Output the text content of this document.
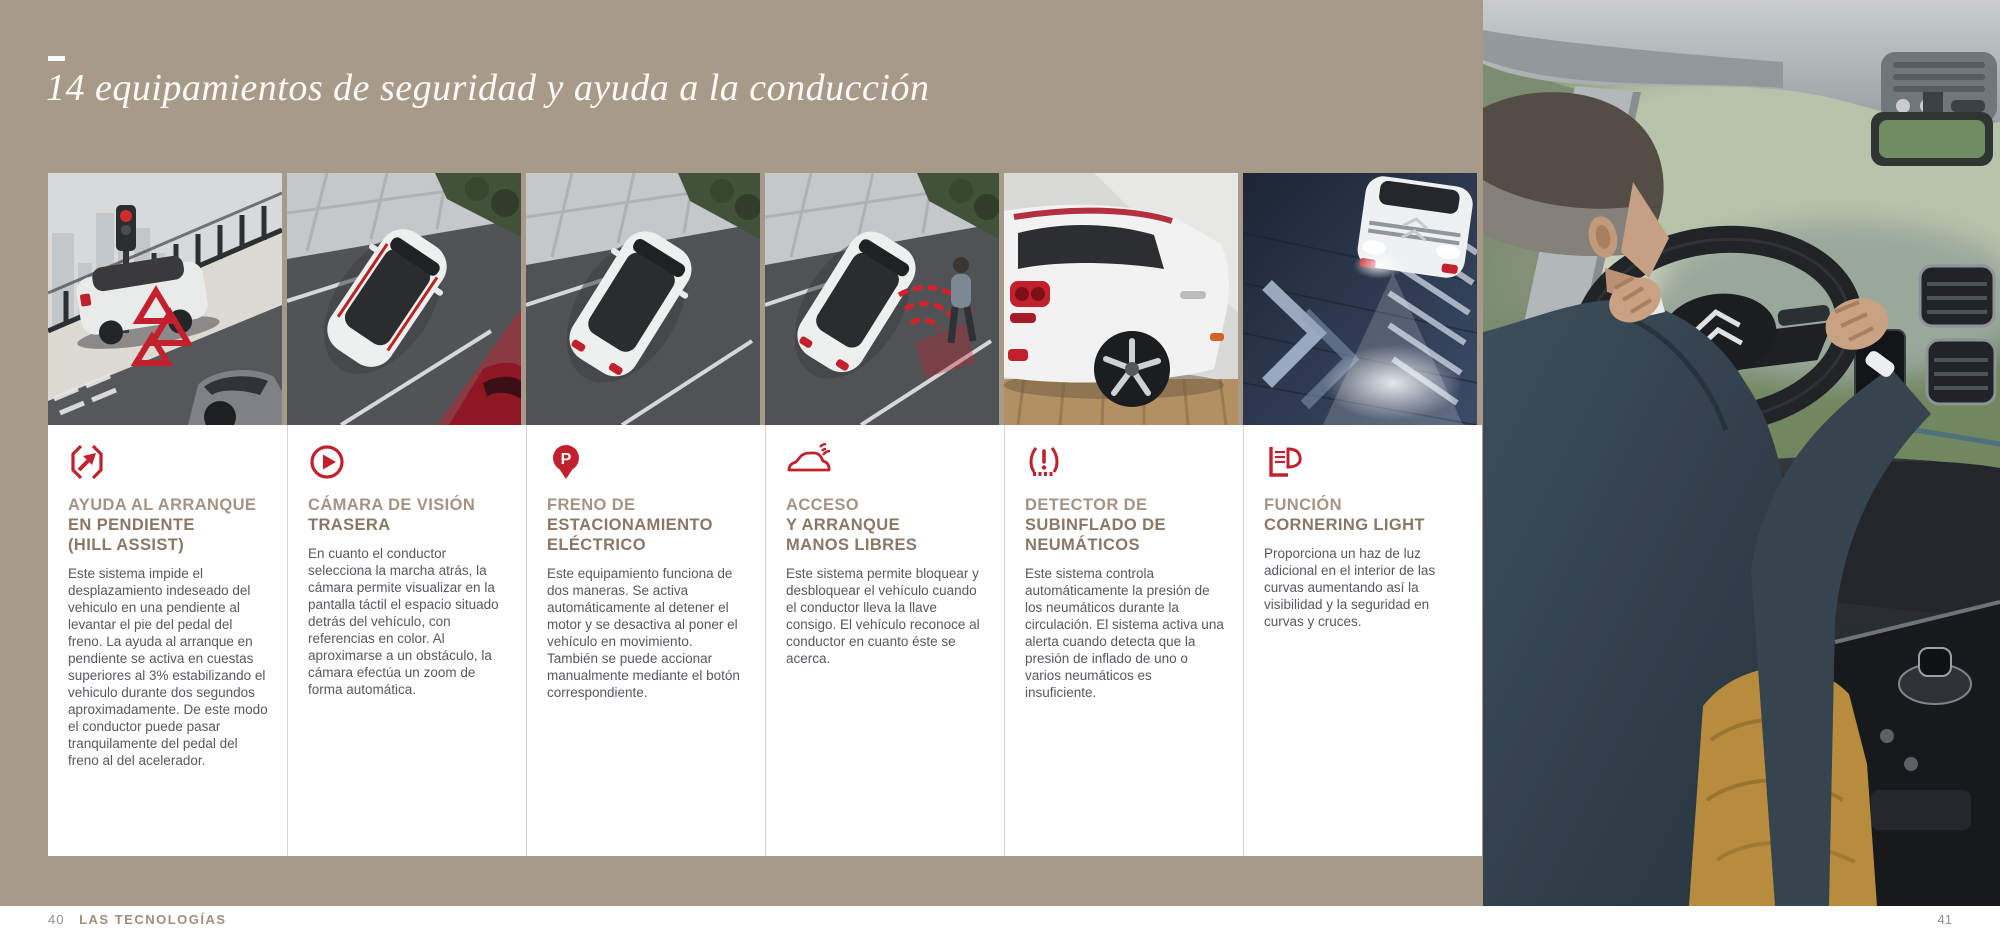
14 equipamientos de seguridad y ayuda a la conducción
AYUDA AL ARRANQUE
EN PENDIENTE
(HILL ASSIST)

Este sistema impide el desplazamiento indeseado del vehiculo en una pendiente al levantar el pie del pedal del freno. La ayuda al arranque en pendiente se activa en cuestas superiores al 3% estabilizando el vehiculo durante dos segundos aproximadamente. De este modo el conductor puede pasar tranquilamente del pedal del freno al del acelerador.

CÁMARA DE VISIÓN
TRASERA

En cuanto el conductor selecciona la marcha atrás, la cámara permite visualizar en la pantalla táctil el espacio situado detrás del vehículo, con referencias en color. Al aproximarse a un obstáculo, la cámara efectúa un zoom de forma automática.

P
FRENO DE
ESTACIONAMIENTO
ELÉCTRICO

Este equipamiento funciona de dos maneras. Se activa automáticamente al detener el motor y se desactiva al poner el vehículo en movimiento. También se puede accionar manualmente mediante el botón correspondiente.

ACCESO
Y ARRANQUE
MANOS LIBRES

Este sistema permite bloquear y desbloquear el vehículo cuando el conductor lleva la llave consigo. El vehículo reconoce al conductor en cuanto éste se acerca.

DETECTOR DE
SUBINFLADO DE
NEUMÁTICOS

Este sistema controla automáticamente la presión de los neumáticos durante la circulación. El sistema activa una alerta cuando detecta que la presión de inflado de uno o varios neumáticos es insuficiente.

FUNCIÓN
CORNERING LIGHT

Proporciona un haz de luz adicional en el interior de las curvas aumentando así la visibilidad y la seguridad en curvas y cruces.

40 LAS TECNOLOGÍAS	41
